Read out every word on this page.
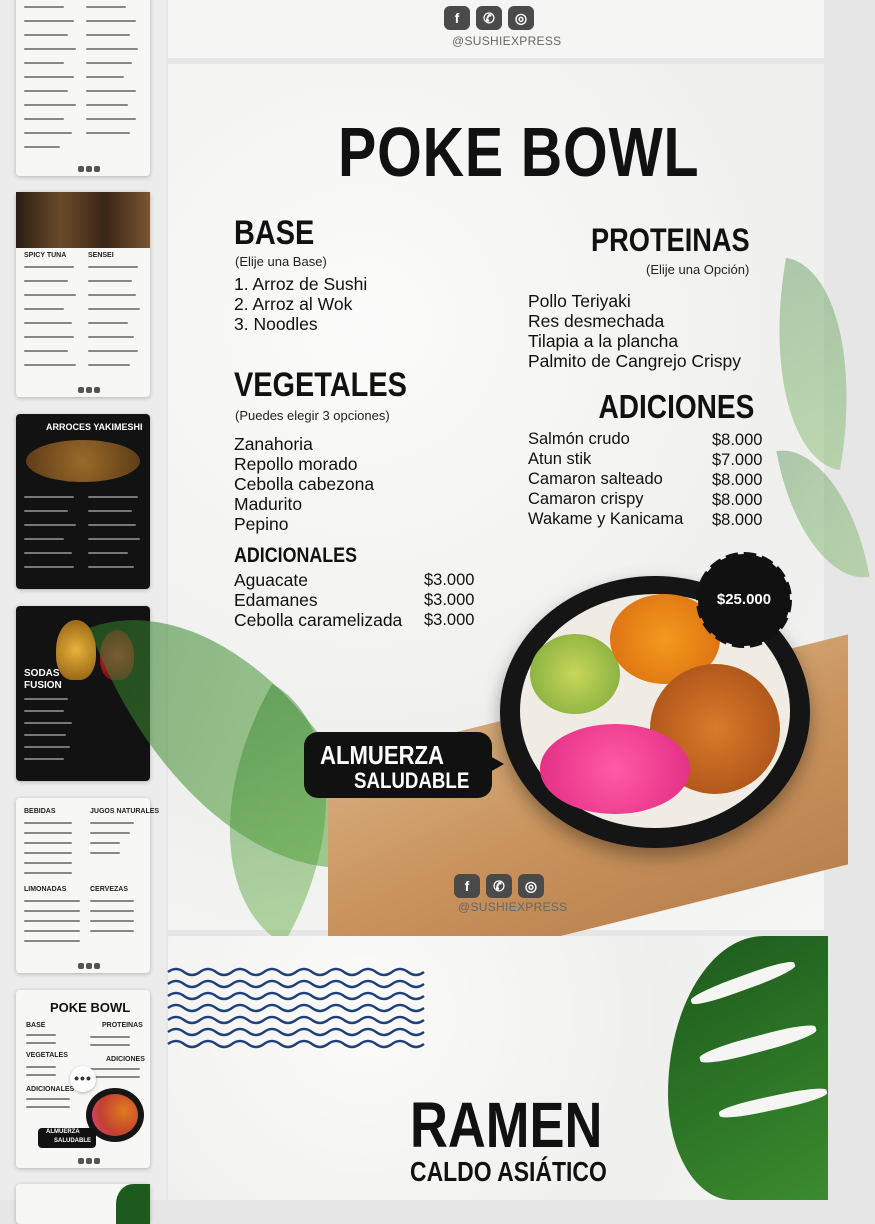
SPICY TUNA	SENSEI
ARROCES YAKIMESHI
SODAS
FUSION
BEBIDAS	JUGOS NATURALES
LIMONADAS	CERVEZAS
POKE BOWL
BASE	PROTEINAS
VEGETALES
ADICIONES
ADICIONALES
ALMUERZA
SALUDABLE
•••
f	✆	◎
@SUSHIEXPRESS
POKE BOWL
BASE
(Elije una Base)
1. Arroz de Sushi
2. Arroz al Wok
3. Noodles
PROTEINAS
(Elije una Opción)
Pollo Teriyaki
Res desmechada
Tilapia a la plancha
Palmito de Cangrejo Crispy
VEGETALES
(Puedes elegir 3 opciones)
Zanahoria
Repollo morado
Cebolla cabezona
Madurito
Pepino
ADICIONES
Salmón crudo	$8.000
Atun stik	$7.000
Camaron salteado	$8.000
Camaron crispy	$8.000
Wakame y Kanicama $8.000
ADICIONALES
Aguacate	$3.000
Edamanes	$3.000
Cebolla caramelizada $3.000
$25.000
ALMUERZA
SALUDABLE
f	✆	◎
@SUSHIEXPRESS
RAMEN
CALDO ASIÁTICO
